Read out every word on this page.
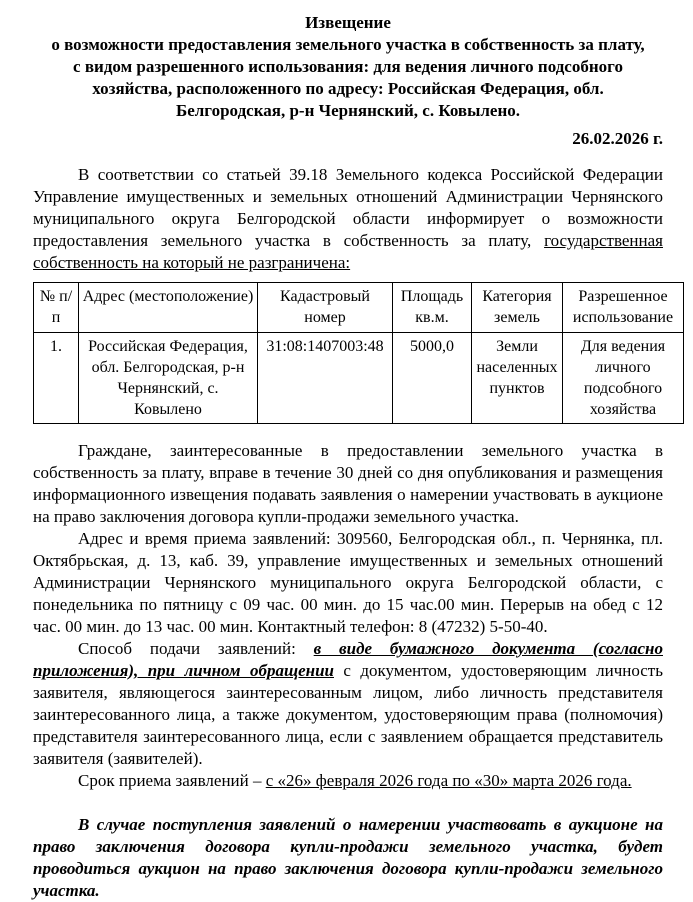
Извещение
о возможности предоставления земельного участка в собственность за плату,
с видом разрешенного использования: для ведения личного подсобного
хозяйства, расположенного по адресу: Российская Федерация, обл.
Белгородская, р-н Чернянский, с. Ковылено.
26.02.2026 г.

В соответствии со статьей 39.18 Земельного кодекса Российской Федерации Управление имущественных и земельных отношений Администрации Чернянского муниципального округа Белгородской области информирует о возможности предоставления земельного участка в собственность за плату, государственная собственность на который не разграничена:

№ п/п	Адрес (местоположение)	Кадастровый номер	Площадь кв.м.	Категория земель	Разрешенное использование
1.	Российская Федерация, обл. Белгородская, р-н Чернянский, с. Ковылено	31:08:1407003:48	5000,0	Земли населенных пунктов	Для ведения личного подсобного хозяйства

Граждане, заинтересованные в предоставлении земельного участка в собственность за плату, вправе в течение 30 дней со дня опубликования и размещения информационного извещения подавать заявления о намерении участвовать в аукционе на право заключения договора купли-продажи земельного участка.

Адрес и время приема заявлений: 309560, Белгородская обл., п. Чернянка, пл. Октябрьская, д. 13, каб. 39, управление имущественных и земельных отношений Администрации Чернянского муниципального округа Белгородской области, с понедельника по пятницу с 09 час. 00 мин. до 15 час.00 мин. Перерыв на обед с 12 час. 00 мин. до 13 час. 00 мин. Контактный телефон: 8 (47232) 5-50-40.

Способ подачи заявлений: в виде бумажного документа (согласно приложения), при личном обращении с документом, удостоверяющим личность заявителя, являющегося заинтересованным лицом, либо личность представителя заинтересованного лица, а также документом, удостоверяющим права (полномочия) представителя заинтересованного лица, если с заявлением обращается представитель заявителя (заявителей).

Срок приема заявлений – с «26» февраля 2026 года по «30» марта 2026 года.

В случае поступления заявлений о намерении участвовать в аукционе на право заключения договора купли-продажи земельного участка, будет проводиться аукцион на право заключения договора купли-продажи земельного участка.
